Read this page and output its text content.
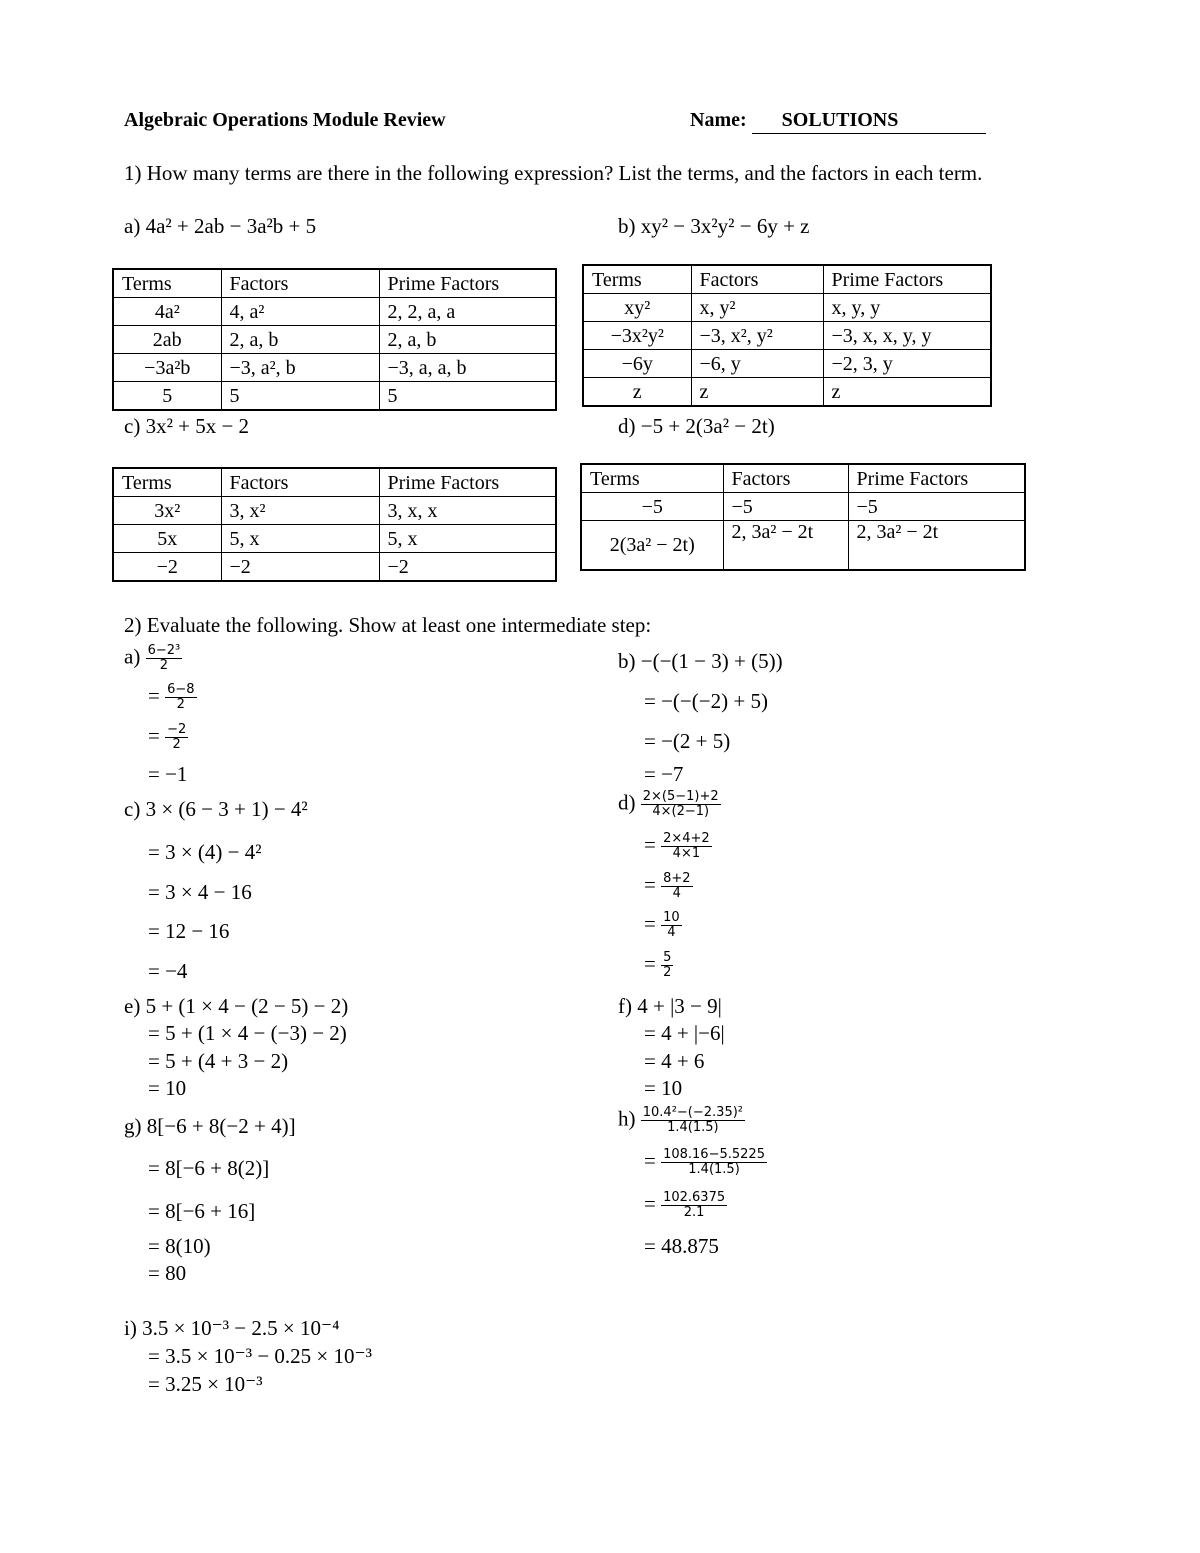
Algebraic Operations Module Review	Name: SOLUTIONS
1) How many terms are there in the following expression? List the terms, and the factors in each term.
a) 4a² + 2ab − 3a²b + 5	b) xy² − 3x²y² − 6y + z
Terms	Factors	Prime Factors
4a²	4, a²	2, 2, a, a
2ab	2, a, b	2, a, b
−3a²b	−3, a², b	−3, a, a, b
5	5	5
Terms	Factors	Prime Factors
xy²	x, y²	x, y, y
−3x²y²	−3, x², y²	−3, x, x, y, y
−6y	−6, y	−2, 3, y
z	z	z
c) 3x² + 5x − 2	d) −5 + 2(3a² − 2t)
Terms	Factors	Prime Factors
3x²	3, x²	3, x, x
5x	5, x	5, x
−2	−2	−2
Terms	Factors	Prime Factors
−5	−5	−5
2(3a² − 2t)	2, 3a² − 2t	2, 3a² − 2t
2) Evaluate the following. Show at least one intermediate step:
$a) \frac{\text{6−2³}}{2}$
= $\frac{6-8}{2}$
= $\frac{-2}{2}$
= −1
b) −(−(1 − 3) + (5))
= −(−(−2) + 5)
= −(2 + 5)
= −7
c) 3 × (6 − 3 + 1) − 4²
= 3 × (4) − 4²
= 3 × 4 − 16
= 12 − 16
= −4
$d) \frac{2\times(5-1)+2}{4\times(2-1)}$
= $\frac{2\times 4+2}{4\times 1}$
= $\frac{8+2}{4}$
= $\frac{10}{4}$
= $\frac{5}{2}$
e) 5 + (1 × 4 − (2 − 5) − 2)
= 5 + (1 × 4 − (−3) − 2)
= 5 + (4 + 3 − 2)
= 10
f) 4 + |3 − 9|
= 4 + |−6|
= 4 + 6
= 10
g) 8[−6 + 8(−2 + 4)]
= 8[−6 + 8(2)]
= 8[−6 + 16]
= 8(10)
= 80
$h) \frac{\text{10.4²−(−2.35)²}}{1.4(1.5)}$
= $\frac{108.16-5.5225}{1.4(1.5)}$
= $\frac{102.6375}{2.1}$
= 48.875
i) 3.5 × 10⁻³ − 2.5 × 10⁻⁴
= 3.5 × 10⁻³ − 0.25 × 10⁻³
= 3.25 × 10⁻³
